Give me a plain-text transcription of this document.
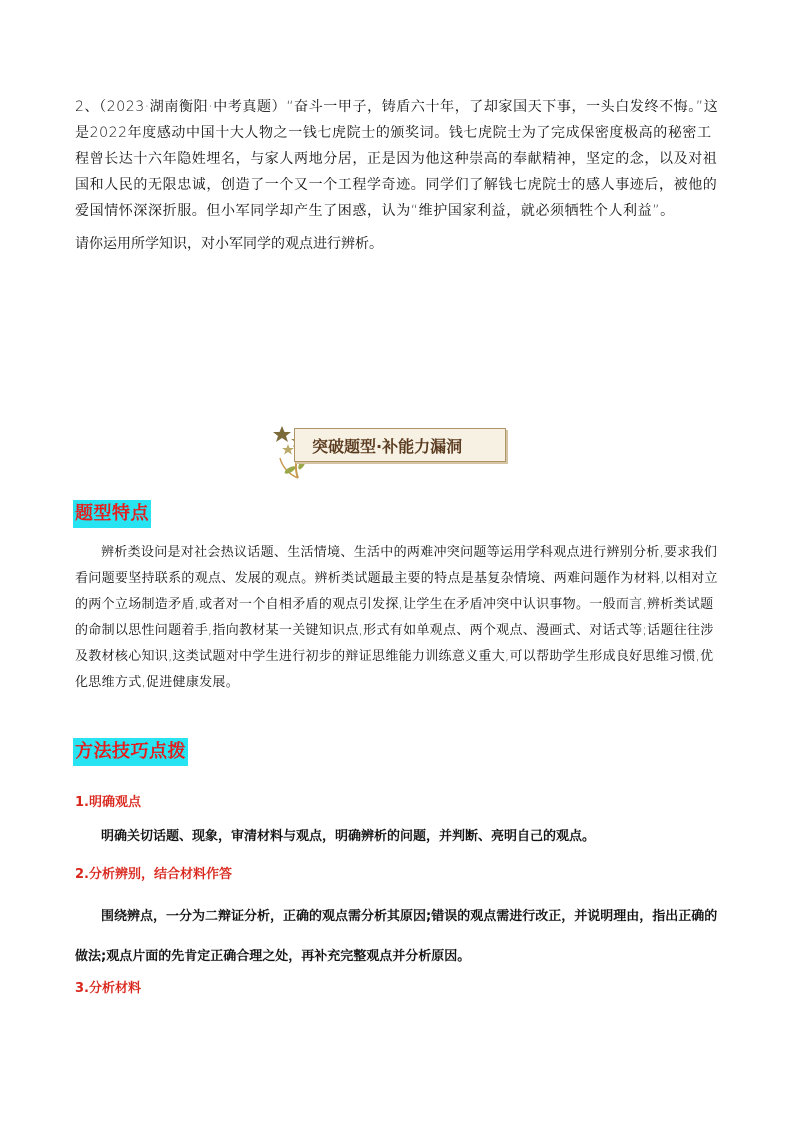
2、（2023·湖南衡阳·中考真题）“奋斗一甲子，铸盾六十年，了却家国天下事，一头白发终不悔。”这是2022年度感动中国十大人物之一钱七虎院士的颁奖词。钱七虎院士为了完成保密度极高的秘密工程曾长达十六年隐姓埋名，与家人两地分居，正是因为他这种崇高的奉献精神，坚定的念，以及对祖国和人民的无限忠诚，创造了一个又一个工程学奇迹。同学们了解钱七虎院士的感人事迹后，被他的爱国情怀深深折服。但小军同学却产生了困惑，认为“维护国家利益，就必须牺牲个人利益”。
请你运用所学知识，对小军同学的观点进行辨析。
突破题型·补能力漏洞
题型特点
辨析类设问是对社会热议话题、生活情境、生活中的两难冲突问题等运用学科观点进行辨别分析,要求我们看问题要坚持联系的观点、发展的观点。辨析类试题最主要的特点是基复杂情境、两难问题作为材料,以相对立的两个立场制造矛盾,或者对一个自相矛盾的观点引发探,让学生在矛盾冲突中认识事物。一般而言,辨析类试题的命制以思性问题着手,指向教材某一关键知识点,形式有如单观点、两个观点、漫画式、对话式等;话题往往涉及教材核心知识,这类试题对中学生进行初步的辩证思维能力训练意义重大,可以帮助学生形成良好思维习惯,优化思维方式,促进健康发展。
方法技巧点拨
1.明确观点
明确关切话题、现象，审清材料与观点，明确辨析的问题，并判断、亮明自己的观点。
2.分析辨别，结合材料作答
围绕辨点，一分为二辩证分析，正确的观点需分析其原因;错误的观点需进行改正，并说明理由，指出正确的做法;观点片面的先肯定正确合理之处，再补充完整观点并分析原因。
3.分析材料
